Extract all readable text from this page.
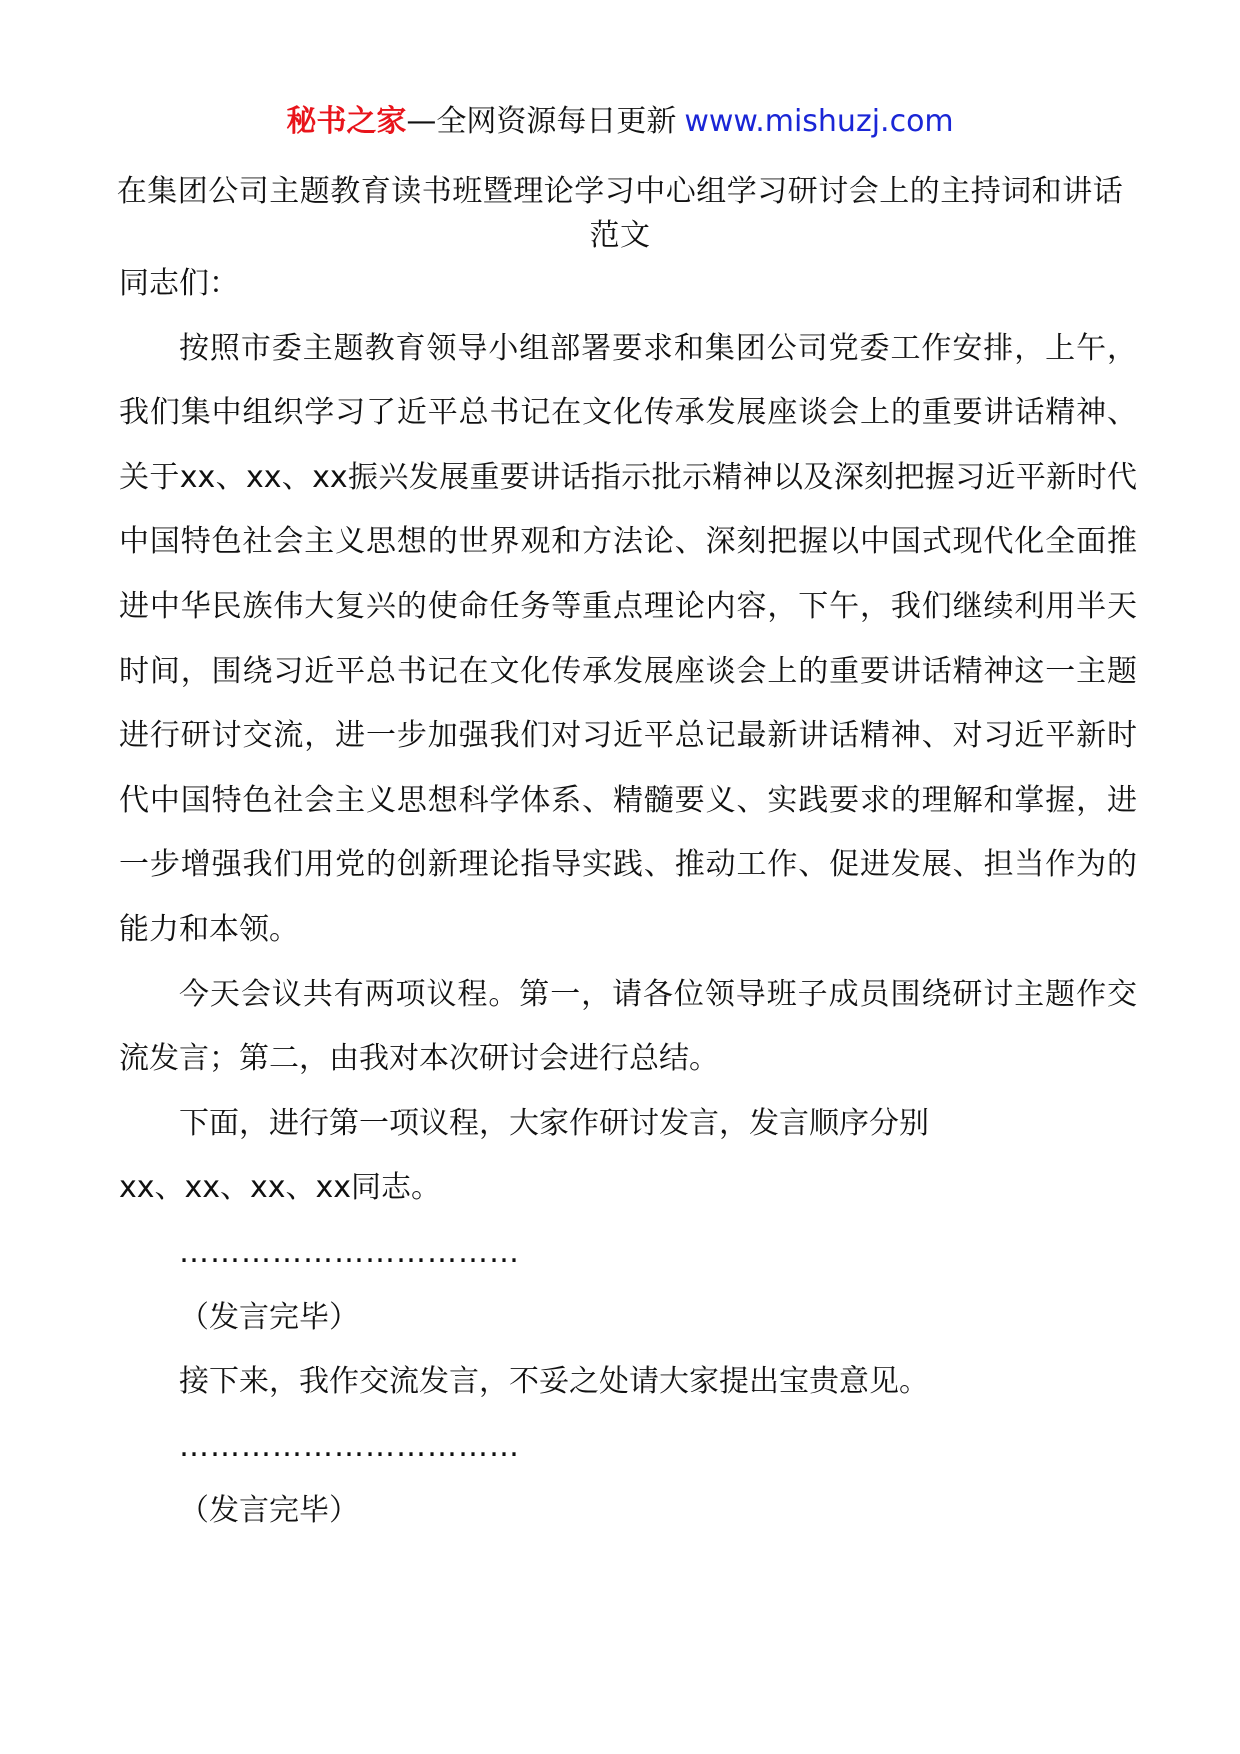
秘书之家—全网资源每日更新 www.mishuzj.com
在集团公司主题教育读书班暨理论学习中心组学习研讨会上的主持词和讲话范文

同志们：

按照市委主题教育领导小组部署要求和集团公司党委工作安排，上午，我们集中组织学习了近平总书记在文化传承发展座谈会上的重要讲话精神、关于xx、xx、xx振兴发展重要讲话指示批示精神以及深刻把握习近平新时代中国特色社会主义思想的世界观和方法论、深刻把握以中国式现代化全面推进中华民族伟大复兴的使命任务等重点理论内容，下午，我们继续利用半天时间，围绕习近平总书记在文化传承发展座谈会上的重要讲话精神这一主题进行研讨交流，进一步加强我们对习近平总记最新讲话精神、对习近平新时代中国特色社会主义思想科学体系、精髓要义、实践要求的理解和掌握，进一步增强我们用党的创新理论指导实践、推动工作、促进发展、担当作为的能力和本领。

今天会议共有两项议程。第一，请各位领导班子成员围绕研讨主题作交流发言；第二，由我对本次研讨会进行总结。

下面，进行第一项议程，大家作研讨发言，发言顺序分别

xx、xx、xx、xx同志。

……………………………

（发言完毕）

接下来，我作交流发言，不妥之处请大家提出宝贵意见。

……………………………

（发言完毕）
